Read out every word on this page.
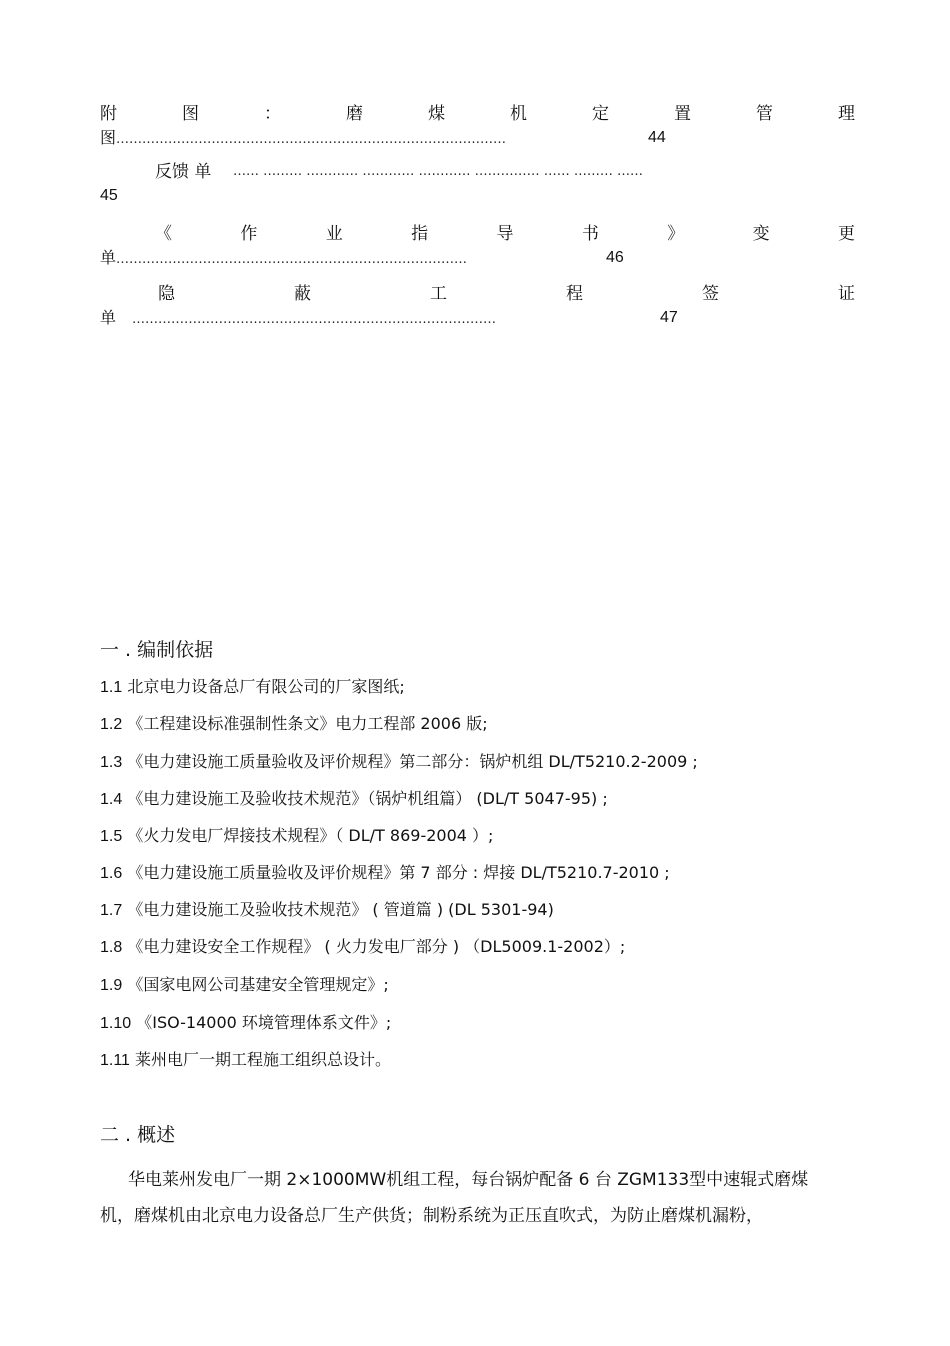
附	图	：	磨	煤	机	定	置	管	理
图………………………………………………………………………………	44
反馈 单 …… ……… ………… ………… ………… …………… …… ……… ……
45
《	作	业	指	导	书	》	变	更
单………………………………………………………………………	46
隐	蔽	工	程	签	证
单 …………………………………………………………………………	47
一 . 编制依据
1.1 北京电力设备总厂有限公司的厂家图纸;
1.2 《工程建设标准强制性条文》电力工程部 2006 版;
1.3 《电力建设施工质量验收及评价规程》第二部分：锅炉机组 DL/T5210.2-2009 ;
1.4 《电力建设施工及验收技术规范》（锅炉机组篇） (DL/T 5047-95) ;
1.5 《火力发电厂焊接技术规程》（ DL/T 869-2004 ）;
1.6 《电力建设施工质量验收及评价规程》第 7 部分 : 焊接 DL/T5210.7-2010 ;
1.7 《电力建设施工及验收技术规范》 ( 管道篇 ) (DL 5301-94)
1.8 《电力建设安全工作规程》 ( 火力发电厂部分 ) （DL5009.1-2002）;
1.9 《国家电网公司基建安全管理规定》;
1.10 《ISO-14000 环境管理体系文件》;
1.11 莱州电厂一期工程施工组织总设计。
二 . 概述

华电莱州发电厂一期 2×1000MW机组工程，每台锅炉配备 6 台 ZGM133型中速辊式磨煤

机，磨煤机由北京电力设备总厂生产供货；制粉系统为正压直吹式，为防止磨煤机漏粉，
